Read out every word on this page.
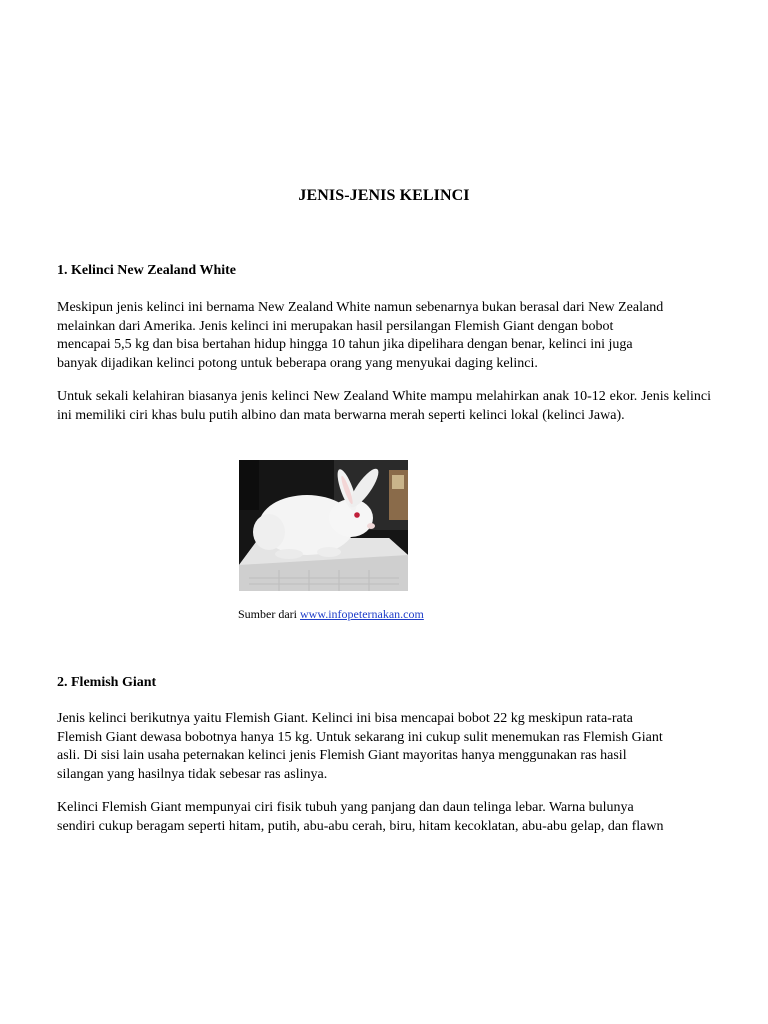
JENIS-JENIS KELINCI
1. Kelinci New Zealand White

Meskipun jenis kelinci ini bernama New Zealand White namun sebenarnya bukan berasal dari New Zealand
melainkan dari Amerika. Jenis kelinci ini merupakan hasil persilangan Flemish Giant dengan bobot
mencapai 5,5 kg dan bisa bertahan hidup hingga 10 tahun jika dipelihara dengan benar, kelinci ini juga
banyak dijadikan kelinci potong untuk beberapa orang yang menyukai daging kelinci.

Untuk sekali kelahiran biasanya jenis kelinci New Zealand White mampu melahirkan anak 10-12 ekor. Jenis kelinci ini memiliki ciri khas bulu putih albino dan mata berwarna merah seperti kelinci lokal (kelinci Jawa).

Sumber dari www.infopeternakan.com
2. Flemish Giant

Jenis kelinci berikutnya yaitu Flemish Giant. Kelinci ini bisa mencapai bobot 22 kg meskipun rata-rata
Flemish Giant dewasa bobotnya hanya 15 kg. Untuk sekarang ini cukup sulit menemukan ras Flemish Giant
asli. Di sisi lain usaha peternakan kelinci jenis Flemish Giant mayoritas hanya menggunakan ras hasil
silangan yang hasilnya tidak sebesar ras aslinya.

Kelinci Flemish Giant mempunyai ciri fisik tubuh yang panjang dan daun telinga lebar. Warna bulunya
sendiri cukup beragam seperti hitam, putih, abu-abu cerah, biru, hitam kecoklatan, abu-abu gelap, dan flawn
